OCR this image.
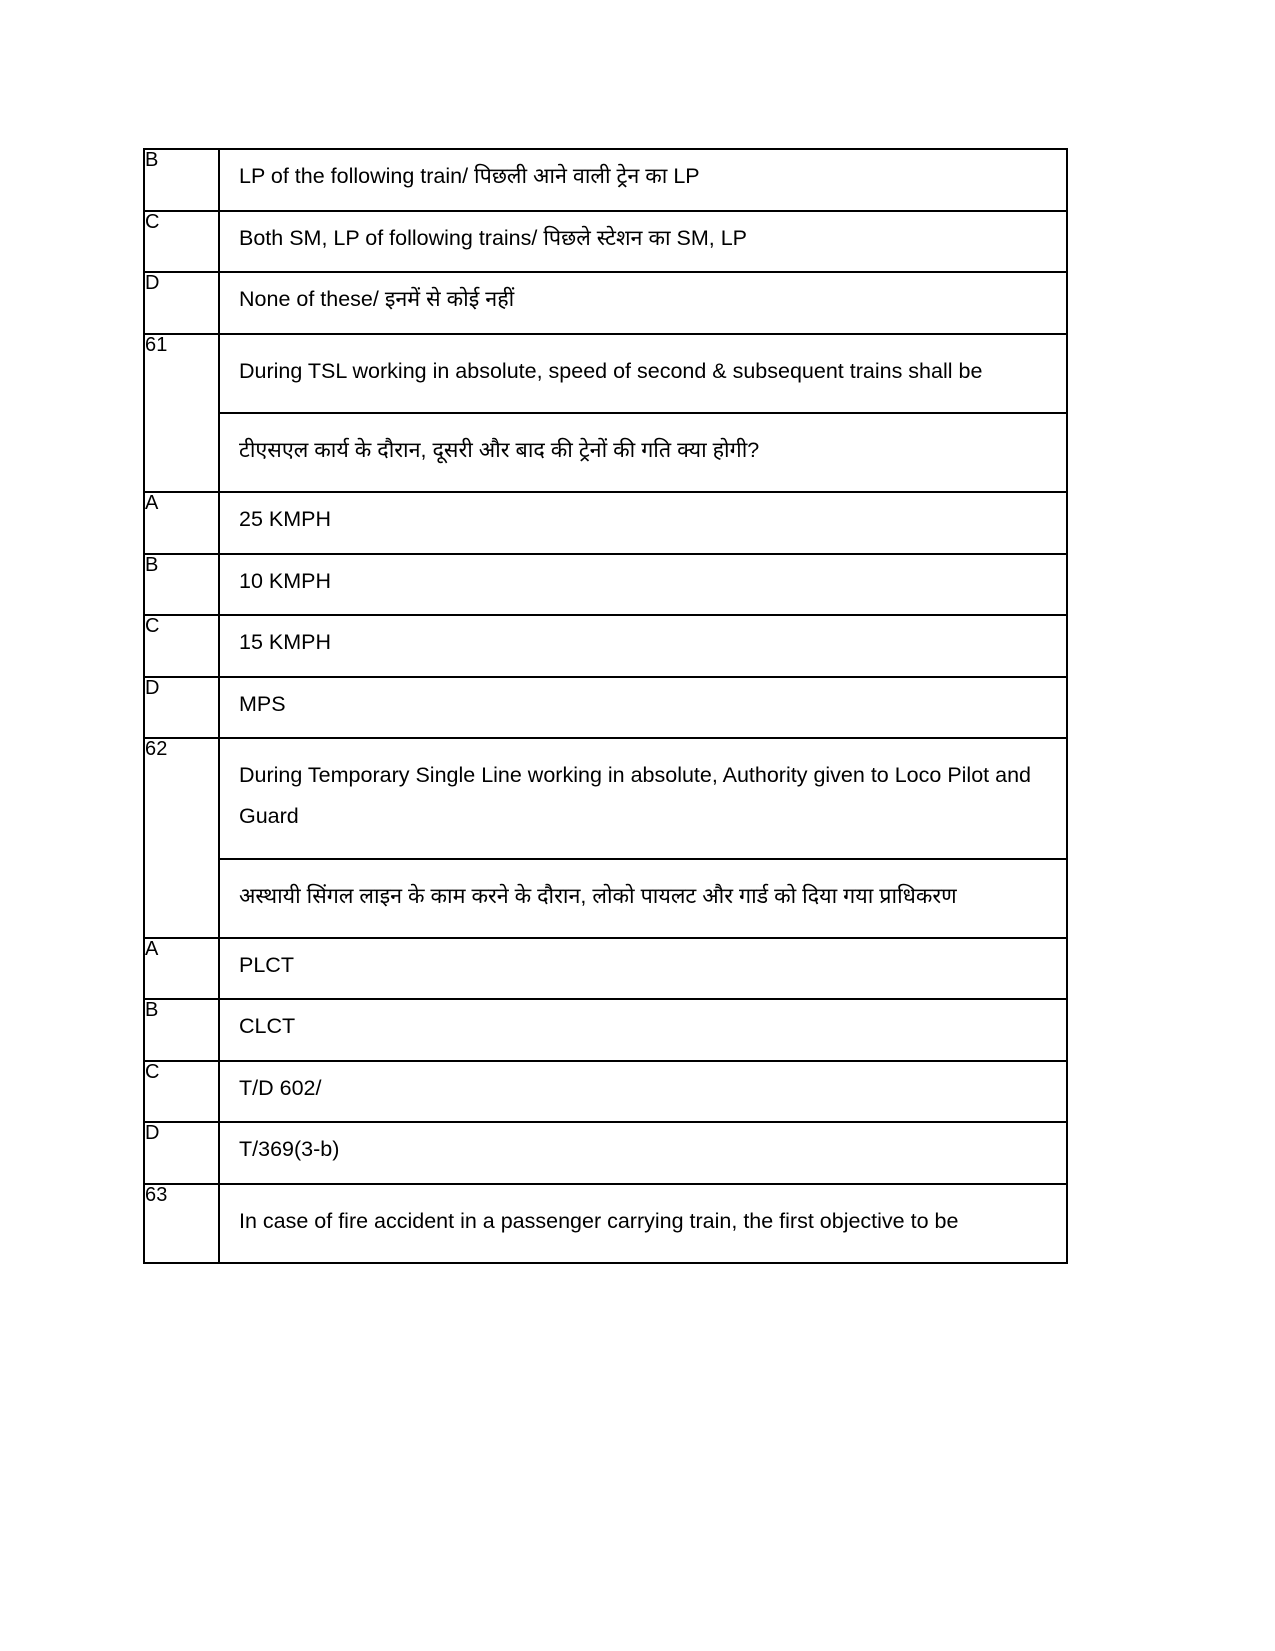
B	LP of the following train/ पिछली आने वाली ट्रेन का LP
C	Both SM, LP of following trains/ पिछले स्टेशन का SM, LP
D	None of these/ इनमें से कोई नहीं
61	
During TSL working in absolute, speed of second & subsequent trains shall be
टीएसएल कार्य के दौरान, दूसरी और बाद की ट्रेनों की गति क्या होगी?

A	25 KMPH
B	10 KMPH
C	15 KMPH
D	MPS
62	
During Temporary Single Line working in absolute, Authority given to Loco Pilot and Guard
अस्थायी सिंगल लाइन के काम करने के दौरान, लोको पायलट और गार्ड को दिया गया प्राधिकरण

A	PLCT
B	CLCT
C	T/D 602/
D	T/369(3-b)
63	In case of fire accident in a passenger carrying train, the first objective to be
